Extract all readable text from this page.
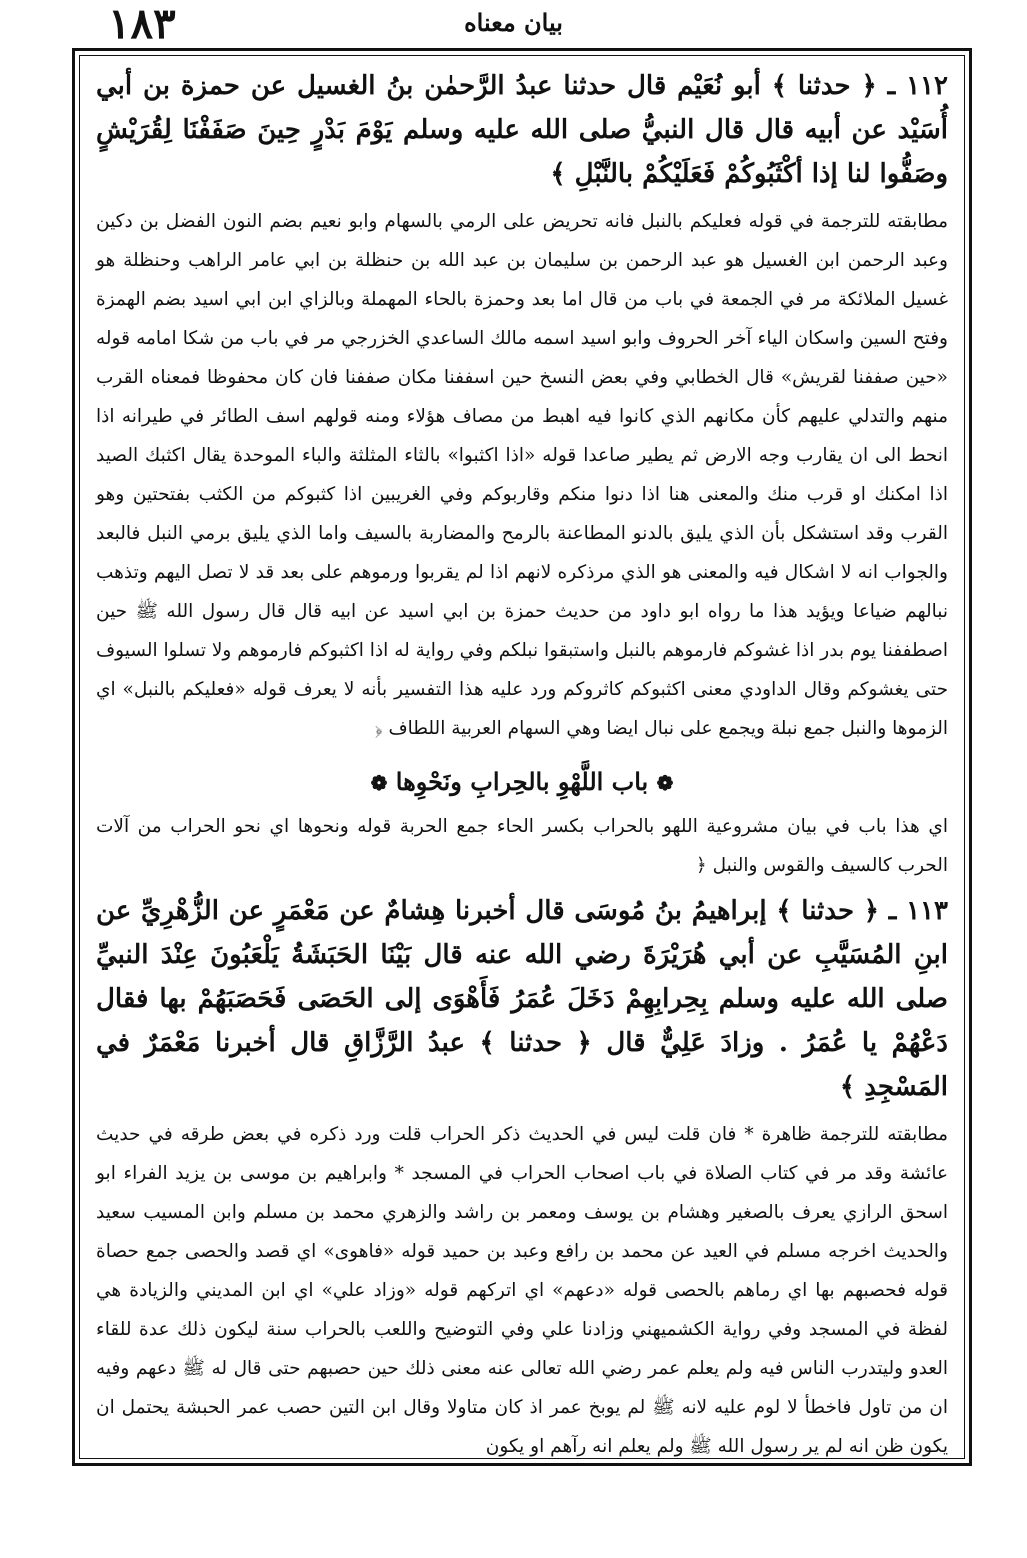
١٨٣	بيان معناه

١١٢ ـ ﴿ حدثنا ﴾ أبو نُعَيْم قال حدثنا عبدُ الرَّحمٰن بنُ الغسيل عن حمزة بن أبي أُسَيْد عن أبيه قال قال النبيُّ صلى الله عليه وسلم يَوْمَ بَدْرٍ حِينَ صَفَفْنَا لِقُرَيْشٍ وصَفُّوا لنا إذا أكْثَبُوكُمْ فَعَلَيْكُمْ بالنَّبْلِ ﴾

مطابقته للترجمة في قوله فعليكم بالنبل فانه تحريض على الرمي بالسهام وابو نعيم بضم النون الفضل بن دكين وعبد الرحمن ابن الغسيل هو عبد الرحمن بن سليمان بن عبد الله بن حنظلة بن ابي عامر الراهب وحنظلة هو غسيل الملائكة مر في الجمعة في باب من قال اما بعد وحمزة بالحاء المهملة وبالزاي ابن ابي اسيد بضم الهمزة وفتح السين واسكان الياء آخر الحروف وابو اسيد اسمه مالك الساعدي الخزرجي مر في باب من شكا امامه قوله «حين صففنا لقريش» قال الخطابي وفي بعض النسخ حين اسففنا مكان صففنا فان كان محفوظا فمعناه القرب منهم والتدلي عليهم كأن مكانهم الذي كانوا فيه اهبط من مصاف هؤلاء ومنه قولهم اسف الطائر في طيرانه اذا انحط الى ان يقارب وجه الارض ثم يطير صاعدا قوله «اذا اكثبوا» بالثاء المثلثة والباء الموحدة يقال اكثبك الصيد اذا امكنك او قرب منك والمعنى هنا اذا دنوا منكم وقاربوكم وفي الغريبين اذا كثبوكم من الكثب بفتحتين وهو القرب وقد استشكل بأن الذي يليق بالدنو المطاعنة بالرمح والمضاربة بالسيف واما الذي يليق برمي النبل فالبعد والجواب انه لا اشكال فيه والمعنى هو الذي مرذكره لانهم اذا لم يقربوا ورموهم على بعد قد لا تصل اليهم وتذهب نبالهم ضياعا ويؤيد هذا ما رواه ابو داود من حديث حمزة بن ابي اسيد عن ابيه قال قال رسول الله ﷺ حين اصطففنا يوم بدر اذا غشوكم فارموهم بالنبل واستبقوا نبلكم وفي رواية له اذا اكثبوكم فارموهم ولا تسلوا السيوف حتى يغشوكم وقال الداودي معنى اكثبوكم كاثروكم ورد عليه هذا التفسير بأنه لا يعرف قوله «فعليكم بالنبل» اي الزموها والنبل جمع نبلة ويجمع على نبال ايضا وهي السهام العربية اللطاف ﴿

❁ باب اللَّهْوِ بالحِرابِ ونَحْوِها ❁

اي هذا باب في بيان مشروعية اللهو بالحراب بكسر الحاء جمع الحربة قوله ونحوها اي نحو الحراب من آلات الحرب كالسيف والقوس والنبل ﴿

١١٣ ـ ﴿ حدثنا ﴾ إبراهيمُ بنُ مُوسَى قال أخبرنا هِشامٌ عن مَعْمَرٍ عن الزُّهْرِيِّ عن ابنِ المُسَيَّبِ عن أبي هُرَيْرَةَ رضي الله عنه قال بَيْنَا الحَبَشَةُ يَلْعَبُونَ عِنْدَ النبيِّ صلى الله عليه وسلم بِحِرابِهِمْ دَخَلَ عُمَرُ فَأَهْوَى إلى الحَصَى فَحَصَبَهُمْ بها فقال دَعْهُمْ يا عُمَرُ . وزادَ عَلِيٌّ قال ﴿ حدثنا ﴾ عبدُ الرَّزَّاقِ قال أخبرنا مَعْمَرٌ في المَسْجِدِ ﴾

مطابقته للترجمة ظاهرة * فان قلت ليس في الحديث ذكر الحراب قلت ورد ذكره في بعض طرقه في حديث عائشة وقد مر في كتاب الصلاة في باب اصحاب الحراب في المسجد * وابراهيم بن موسى بن يزيد الفراء ابو اسحق الرازي يعرف بالصغير وهشام بن يوسف ومعمر بن راشد والزهري محمد بن مسلم وابن المسيب سعيد والحديث اخرجه مسلم في العيد عن محمد بن رافع وعبد بن حميد قوله «فاهوى» اي قصد والحصى جمع حصاة قوله فحصبهم بها اي رماهم بالحصى قوله «دعهم» اي اتركهم قوله «وزاد علي» اي ابن المديني والزيادة هي لفظة في المسجد وفي رواية الكشميهني وزادنا علي وفي التوضيح واللعب بالحراب سنة ليكون ذلك عدة للقاء العدو وليتدرب الناس فيه ولم يعلم عمر رضي الله تعالى عنه معنى ذلك حين حصبهم حتى قال له ﷺ دعهم وفيه ان من تاول فاخطأ لا لوم عليه لانه ﷺ لم يوبخ عمر اذ كان متاولا وقال ابن التين حصب عمر الحبشة يحتمل ان يكون ظن انه لم ير رسول الله ﷺ ولم يعلم انه رآهم او يكون
